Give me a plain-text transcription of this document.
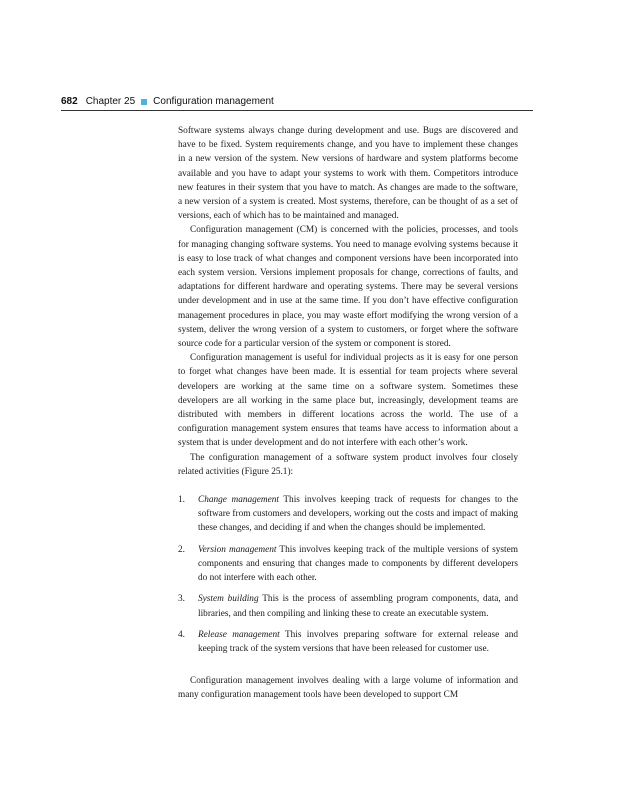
682 Chapter 25 Configuration management

Software systems always change during development and use. Bugs are discovered and have to be fixed. System requirements change, and you have to implement these changes in a new version of the system. New versions of hardware and system platforms become available and you have to adapt your systems to work with them. Competitors introduce new features in their system that you have to match. As changes are made to the software, a new version of a system is created. Most systems, therefore, can be thought of as a set of versions, each of which has to be maintained and managed.

Configuration management (CM) is concerned with the policies, processes, and tools for managing changing software systems. You need to manage evolving systems because it is easy to lose track of what changes and component versions have been incorporated into each system version. Versions implement proposals for change, corrections of faults, and adaptations for different hardware and operating systems. There may be several versions under development and in use at the same time. If you don’t have effective configuration management procedures in place, you may waste effort modifying the wrong version of a system, deliver the wrong version of a system to customers, or forget where the software source code for a particular version of the system or component is stored.

Configuration management is useful for individual projects as it is easy for one person to forget what changes have been made. It is essential for team projects where several developers are working at the same time on a software system. Sometimes these developers are all working in the same place but, increasingly, development teams are distributed with members in different locations across the world. The use of a configuration management system ensures that teams have access to information about a system that is under development and do not interfere with each other’s work.

The configuration management of a software system product involves four closely related activities (Figure 25.1):

1. Change management This involves keeping track of requests for changes to the software from customers and developers, working out the costs and impact of making these changes, and deciding if and when the changes should be implemented.
2. Version management This involves keeping track of the multiple versions of system components and ensuring that changes made to components by different developers do not interfere with each other.
3. System building This is the process of assembling program components, data, and libraries, and then compiling and linking these to create an executable system.
4. Release management This involves preparing software for external release and keeping track of the system versions that have been released for customer use.

Configuration management involves dealing with a large volume of information and many configuration management tools have been developed to support CM
